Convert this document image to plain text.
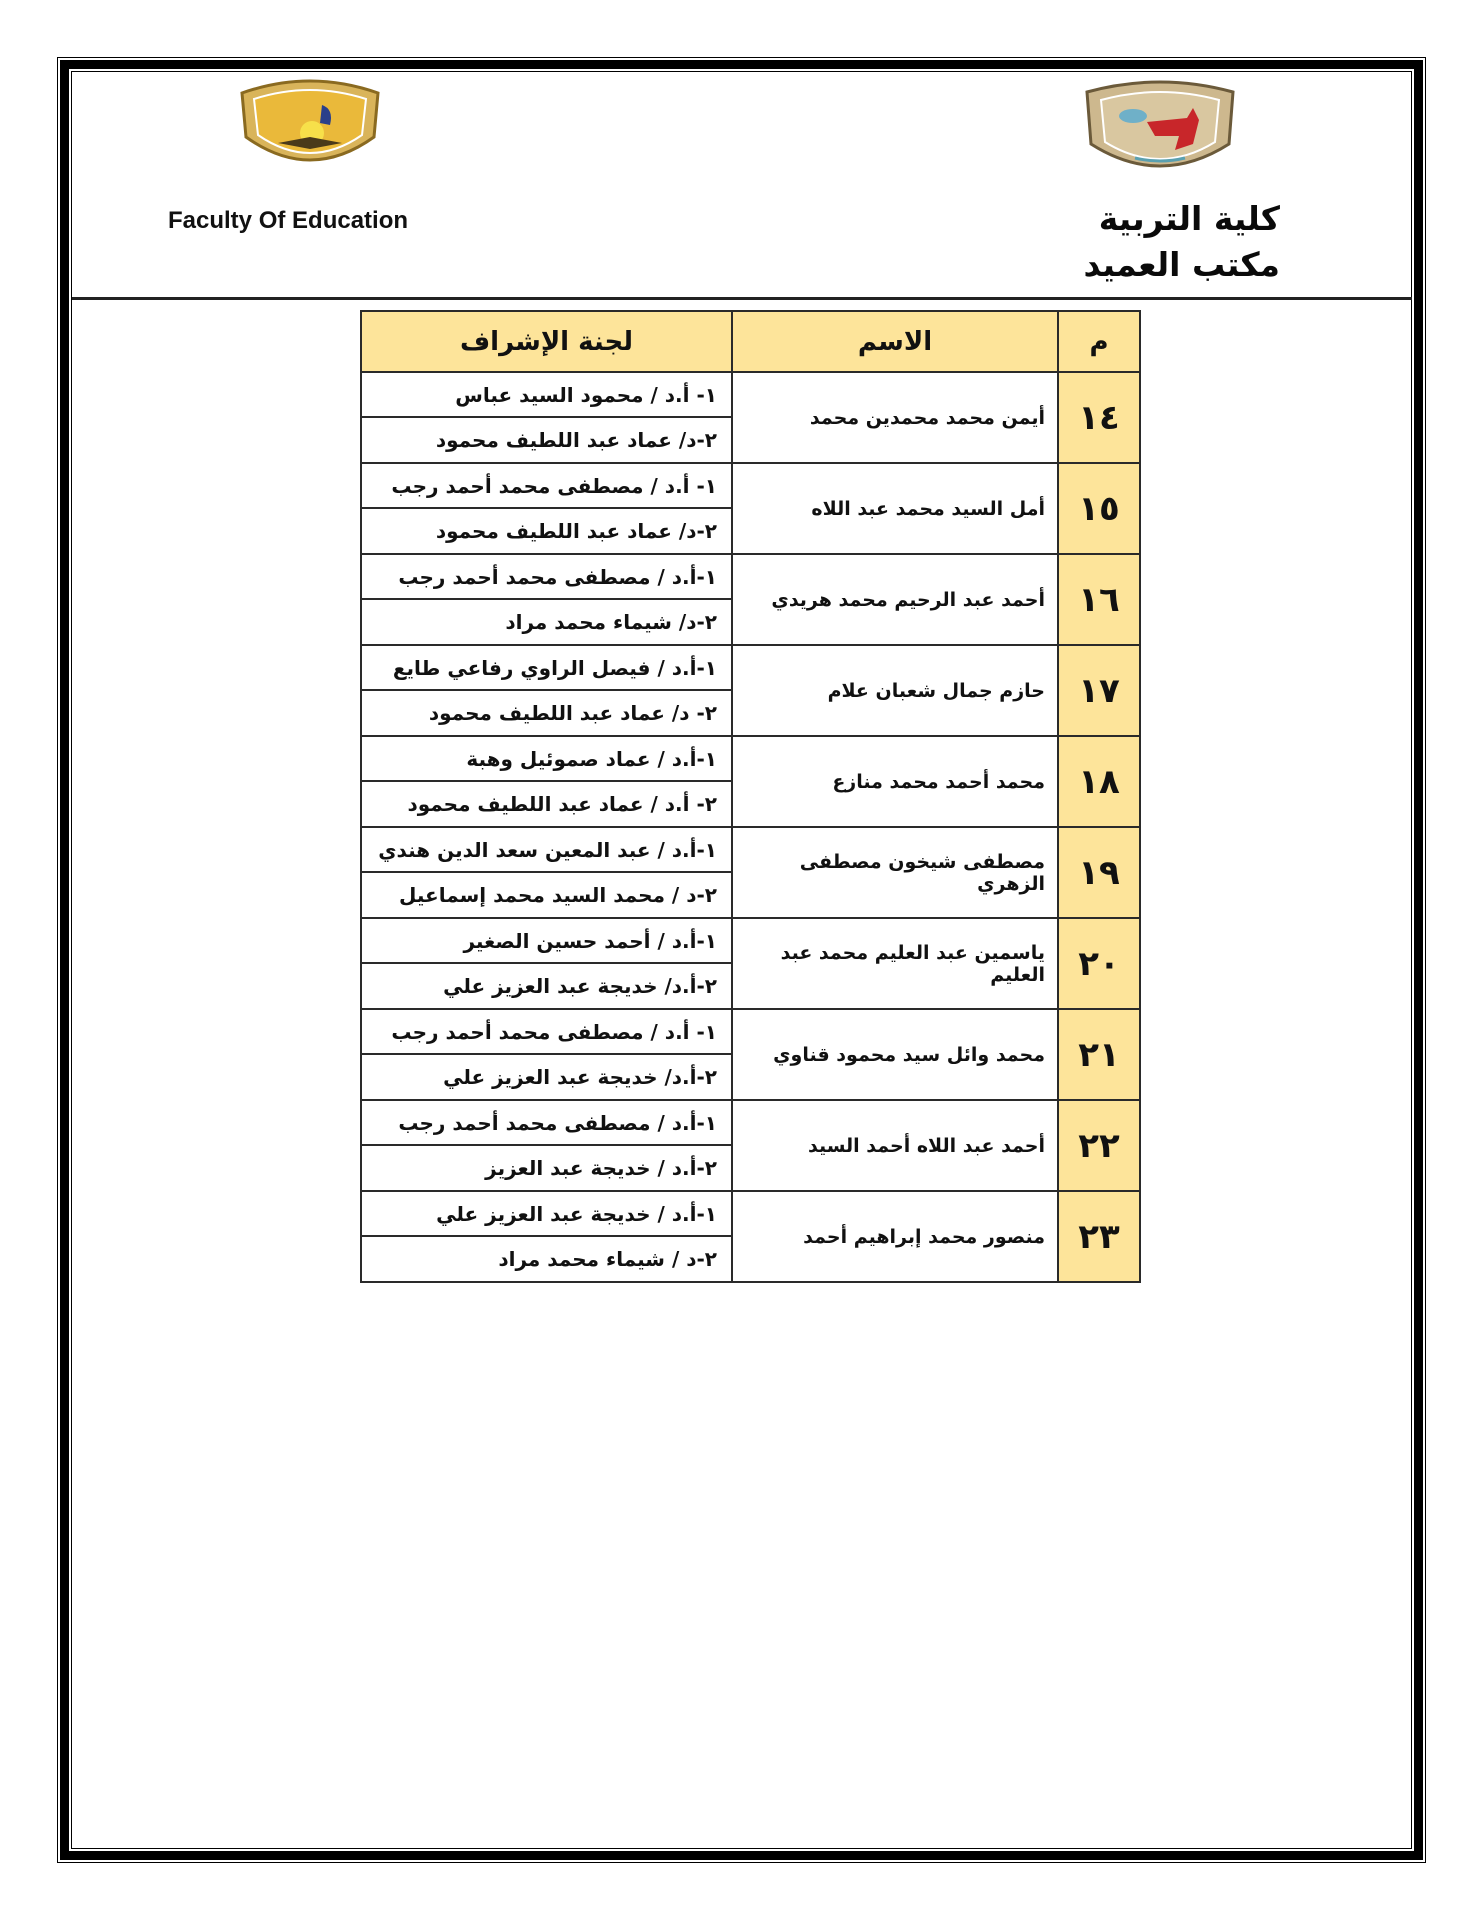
Faculty Of Education	كلية التربية
مكتب العميد
م	الاسم	لجنة الإشراف
١٤	أيمن محمد محمدين محمد	١- أ.د / محمود السيد عباس
		٢-د/ عماد عبد اللطيف محمود
١٥	أمل السيد محمد عبد اللاه	١- أ.د / مصطفى محمد أحمد رجب
		٢-د/ عماد عبد اللطيف محمود
١٦	أحمد عبد الرحيم محمد هريدي	١-أ.د / مصطفى محمد أحمد رجب
		٢-د/ شيماء محمد مراد
١٧	حازم جمال شعبان علام	١-أ.د / فيصل الراوي رفاعي طايع
		٢- د/ عماد عبد اللطيف محمود
١٨	محمد أحمد محمد منازع	١-أ.د / عماد صموئيل وهبة
		٢- أ.د / عماد عبد اللطيف محمود
١٩	مصطفى شيخون مصطفى الزهري	١-أ.د / عبد المعين سعد الدين هندي
		٢-د / محمد السيد محمد إسماعيل
٢٠	ياسمين عبد العليم محمد عبد العليم	١-أ.د / أحمد حسين الصغير
		٢-أ.د/ خديجة عبد العزيز علي
٢١	محمد وائل سيد محمود قناوي	١- أ.د / مصطفى محمد أحمد رجب
		٢-أ.د/ خديجة عبد العزيز علي
٢٢	أحمد عبد اللاه أحمد السيد	١-أ.د / مصطفى محمد أحمد رجب
		٢-أ.د / خديجة عبد العزيز
٢٣	منصور محمد إبراهيم أحمد	١-أ.د / خديجة عبد العزيز علي
		٢-د / شيماء محمد مراد
